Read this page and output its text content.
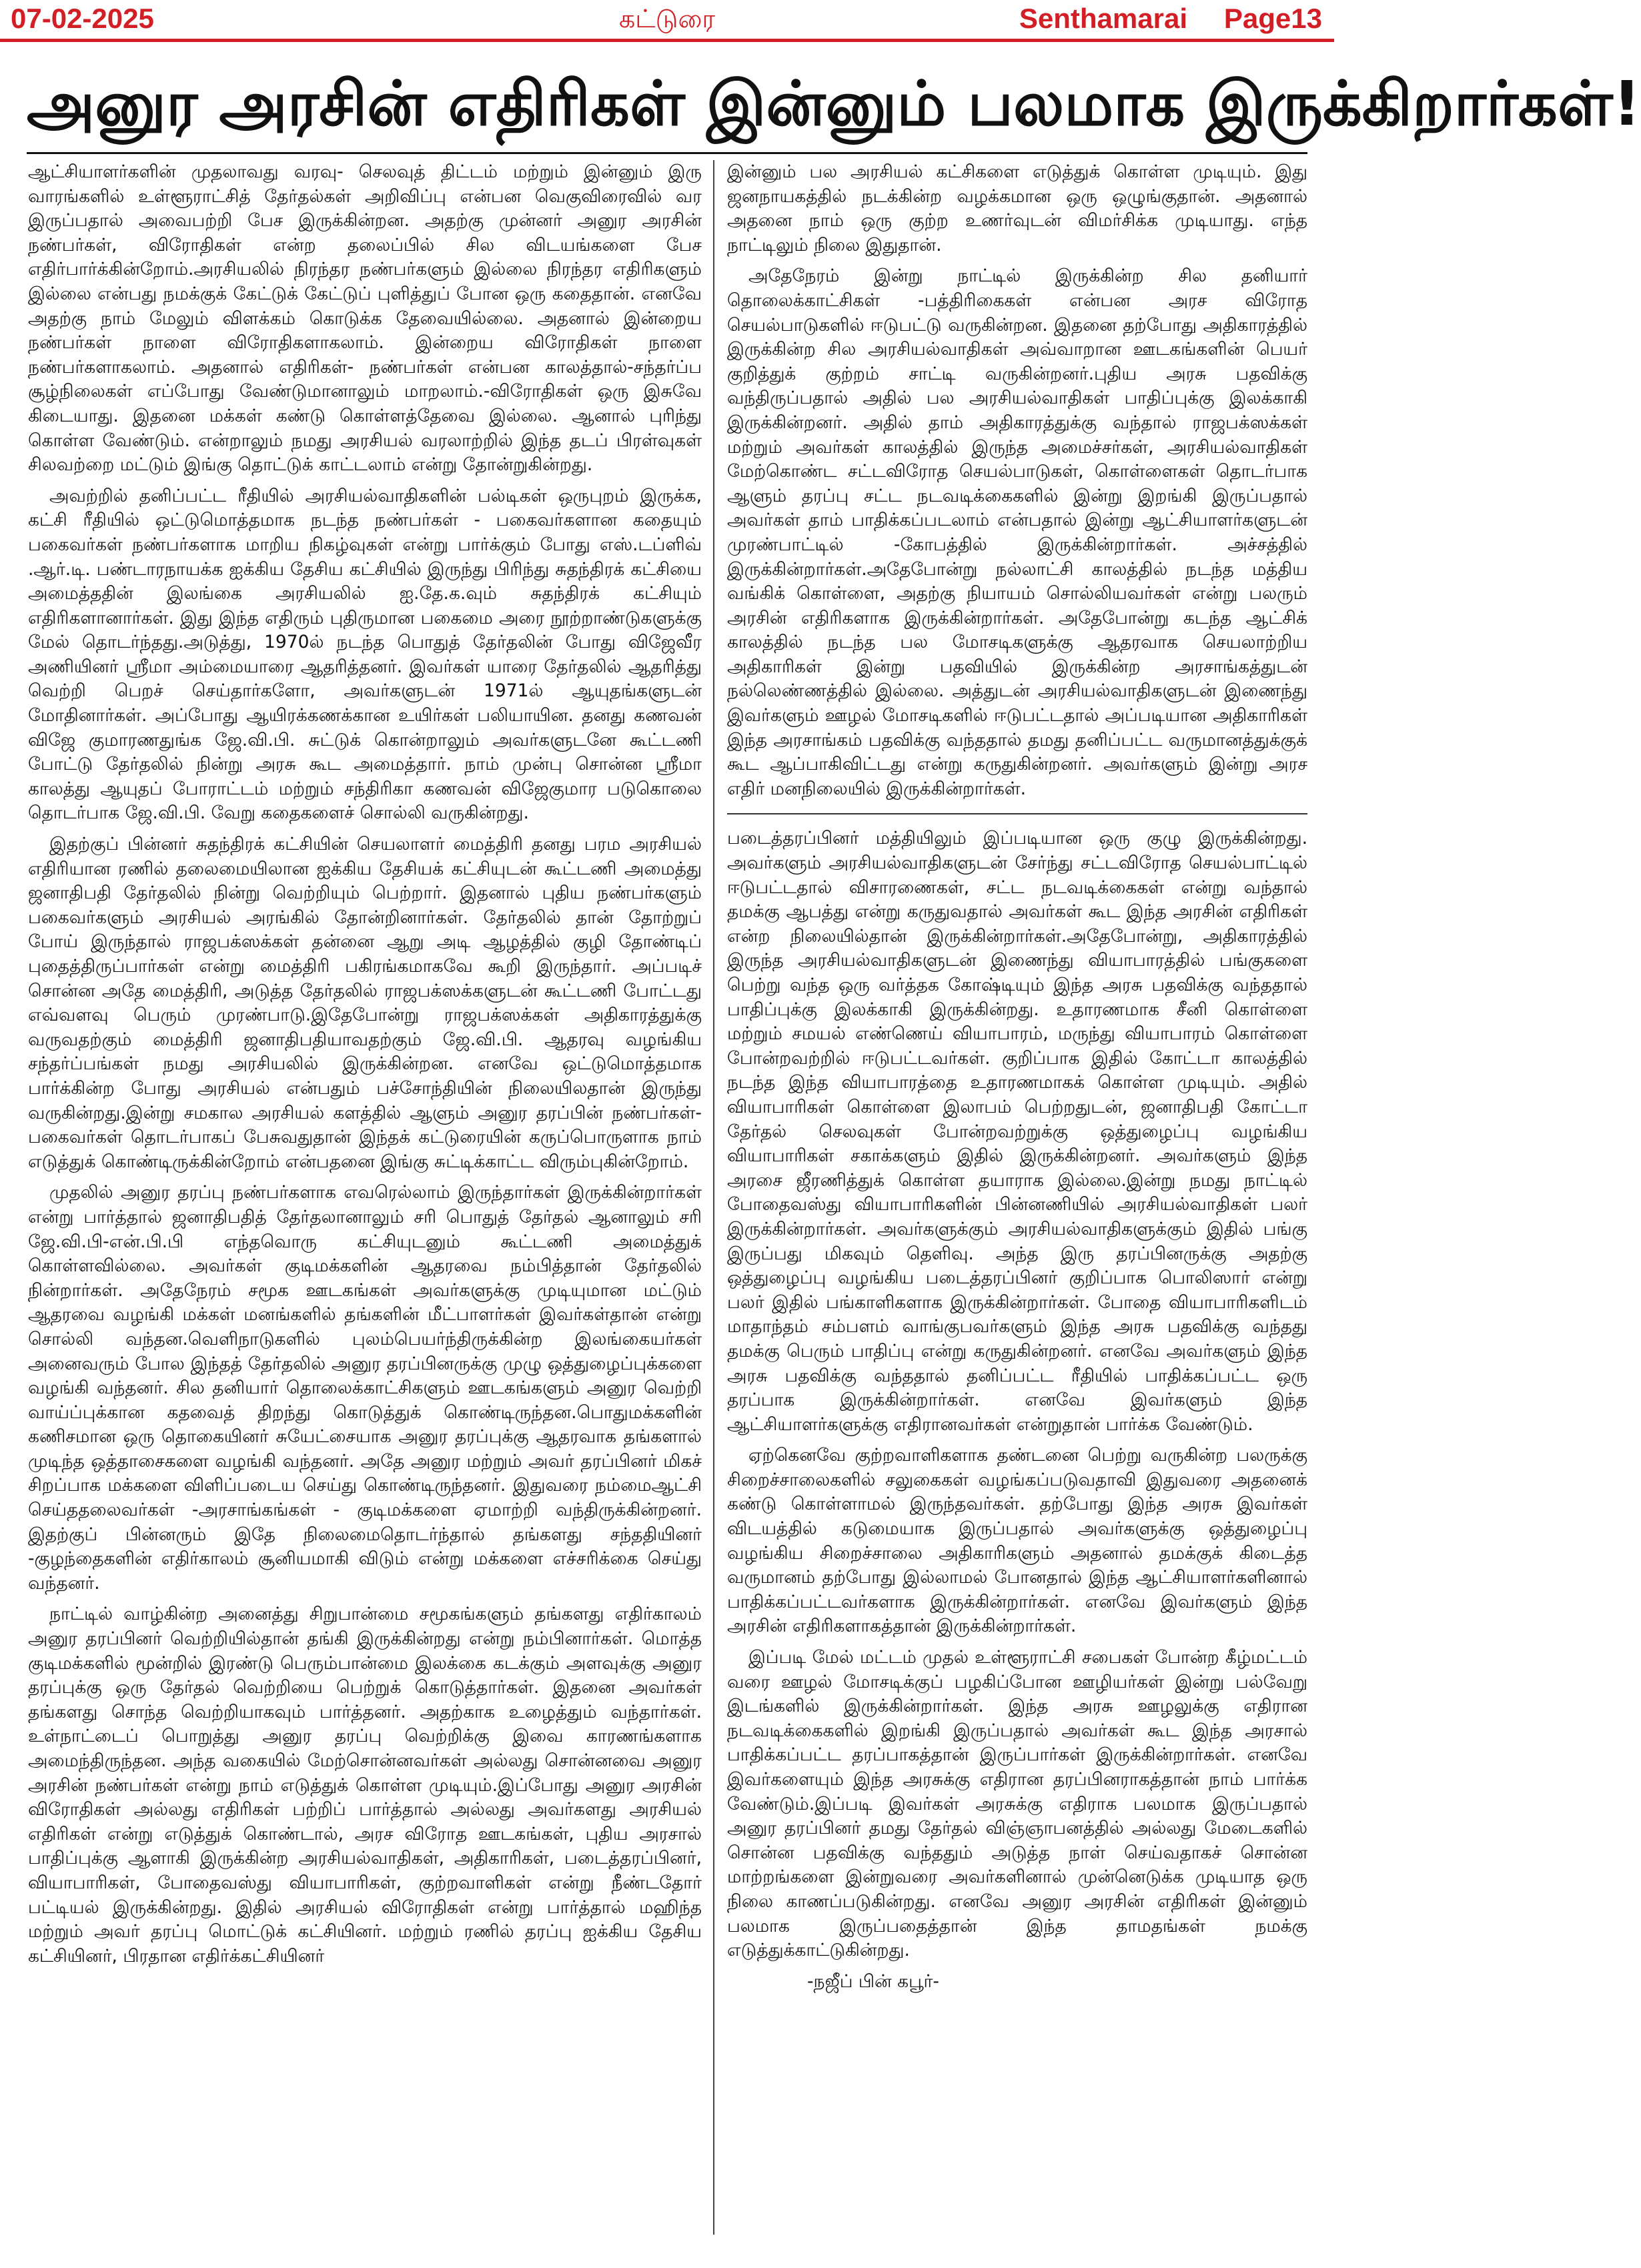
07-02-2025	கட்டுரை	Senthamarai Page13
அனுர அரசின் எதிரிகள் இன்னும் பலமாக இருக்கிறார்கள்!

ஆட்சியாளர்களின் முதலாவது வரவு- செலவுத் திட்டம் மற்றும் இன்னும் இரு வாரங்களில் உள்ளூராட்சித் தேர்தல்கள் அறிவிப்பு என்பன வெகுவிரைவில் வர இருப்பதால் அவைபற்றி பேச இருக்கின்றன. அதற்கு முன்னர் அனுர அரசின் நண்பர்கள், விரோதிகள் என்ற தலைப்பில் சில விடயங்களை பேச எதிர்பார்க்கின்றோம்.அரசியலில் நிரந்தர நண்பர்களும் இல்லை நிரந்தர எதிரிகளும் இல்லை என்பது நமக்குக் கேட்டுக் கேட்டுப் புளித்துப் போன ஒரு கதைதான். எனவே அதற்கு நாம் மேலும் விளக்கம் கொடுக்க தேவையில்லை. அதனால் இன்றைய நண்பர்கள் நாளை விரோதிகளாகலாம். இன்றைய விரோதிகள் நாளை நண்பர்களாகலாம். அதனால் எதிரிகள்- நண்பர்கள் என்பன காலத்தால்-சந்தர்ப்ப சூழ்நிலைகள் எப்போது வேண்டுமானாலும் மாறலாம்.-விரோதிகள் ஒரு இசுவே கிடையாது. இதனை மக்கள் கண்டு கொள்ளத்தேவை இல்லை. ஆனால் புரிந்து கொள்ள வேண்டும். என்றாலும் நமது அரசியல் வரலாற்றில் இந்த தடப் பிரள்வுகள் சிலவற்றை மட்டும் இங்கு தொட்டுக் காட்டலாம் என்று தோன்றுகின்றது.

அவற்றில் தனிப்பட்ட ரீதியில் அரசியல்வாதிகளின் பல்டிகள் ஒருபுறம் இருக்க, கட்சி ரீதியில் ஒட்டுமொத்தமாக நடந்த நண்பர்கள் - பகைவர்களான கதையும் பகைவர்கள் நண்பர்களாக மாறிய நிகழ்வுகள் என்று பார்க்கும் போது எஸ்.டப்ளிவ் .ஆர்.டி. பண்டாரநாயக்க ஐக்கிய தேசிய கட்சியில் இருந்து பிரிந்து சுதந்திரக் கட்சியை அமைத்ததின் இலங்கை அரசியலில் ஐ.தே.க.வும் சுதந்திரக் கட்சியும் எதிரிகளானார்கள். இது இந்த எதிரும் புதிருமான பகைமை அரை நூற்றாண்டுகளுக்கு மேல் தொடர்ந்தது.அடுத்து, 1970ல் நடந்த பொதுத் தேர்தலின் போது விஜேவீர அணியினர் ஸ்ரீமா அம்மையாரை ஆதரித்தனர். இவர்கள் யாரை தேர்தலில் ஆதரித்து வெற்றி பெறச் செய்தார்களோ, அவர்களுடன் 1971ல் ஆயுதங்களுடன் மோதினார்கள். அப்போது ஆயிரக்கணக்கான உயிர்கள் பலியாயின. தனது கணவன் விஜே குமாரணதுங்க ஜே.வி.பி. சுட்டுக் கொன்றாலும் அவர்களுடனே கூட்டணி போட்டு தேர்தலில் நின்று அரசு கூட அமைத்தார். நாம் முன்பு சொன்ன ஸ்ரீமா காலத்து ஆயுதப் போராட்டம் மற்றும் சந்திரிகா கணவன் விஜேகுமார படுகொலை தொடர்பாக ஜே.வி.பி. வேறு கதைகளைச் சொல்லி வருகின்றது.

இதற்குப் பின்னர் சுதந்திரக் கட்சியின் செயலாளர் மைத்திரி தனது பரம அரசியல் எதிரியான ரணில் தலைமையிலான ஐக்கிய தேசியக் கட்சியுடன் கூட்டணி அமைத்து ஜனாதிபதி தேர்தலில் நின்று வெற்றியும் பெற்றார். இதனால் புதிய நண்பர்களும் பகைவர்களும் அரசியல் அரங்கில் தோன்றினார்கள். தேர்தலில் தான் தோற்றுப் போய் இருந்தால் ராஜபக்ஸக்கள் தன்னை ஆறு அடி ஆழத்தில் குழி தோண்டிப் புதைத்திருப்பார்கள் என்று மைத்திரி பகிரங்கமாகவே கூறி இருந்தார். அப்படிச் சொன்ன அதே மைத்திரி, அடுத்த தேர்தலில் ராஜபக்ஸக்களுடன் கூட்டணி போட்டது எவ்வளவு பெரும் முரண்பாடு.இதேபோன்று ராஜபக்ஸக்கள் அதிகாரத்துக்கு வருவதற்கும் மைத்திரி ஜனாதிபதியாவதற்கும் ஜே.வி.பி. ஆதரவு வழங்கிய சந்தர்ப்பங்கள் நமது அரசியலில் இருக்கின்றன. எனவே ஒட்டுமொத்தமாக பார்க்கின்ற போது அரசியல் என்பதும் பச்சோந்தியின் நிலையிலதான் இருந்து வருகின்றது.இன்று சமகால அரசியல் களத்தில் ஆளும் அனுர தரப்பின் நண்பர்கள்-பகைவர்கள் தொடர்பாகப் பேசுவதுதான் இந்தக் கட்டுரையின் கருப்பொருளாக நாம் எடுத்துக் கொண்டிருக்கின்றோம் என்பதனை இங்கு சுட்டிக்காட்ட விரும்புகின்றோம்.

முதலில் அனுர தரப்பு நண்பர்களாக எவரெல்லாம் இருந்தார்கள் இருக்கின்றார்கள் என்று பார்த்தால் ஜனாதிபதித் தேர்தலானாலும் சரி பொதுத் தேர்தல் ஆனாலும் சரி ஜே.வி.பி-என்.பி.பி எந்தவொரு கட்சியுடனும் கூட்டணி அமைத்துக் கொள்ளவில்லை. அவர்கள் குடிமக்களின் ஆதரவை நம்பித்தான் தேர்தலில் நின்றார்கள். அதேநேரம் சமூக ஊடகங்கள் அவர்களுக்கு முடியுமான மட்டும் ஆதரவை வழங்கி மக்கள் மனங்களில் தங்களின் மீட்பாளர்கள் இவர்கள்தான் என்று சொல்லி வந்தன.வெளிநாடுகளில் புலம்பெயர்ந்திருக்கின்ற இலங்கையர்கள் அனைவரும் போல இந்தத் தேர்தலில் அனுர தரப்பினருக்கு முழு ஒத்துழைப்புக்களை வழங்கி வந்தனர். சில தனியார் தொலைக்காட்சிகளும் ஊடகங்களும் அனுர வெற்றி வாய்ப்புக்கான கதவைத் திறந்து கொடுத்துக் கொண்டிருந்தன.பொதுமக்களின் கணிசமான ஒரு தொகையினர் சுயேட்சையாக அனுர தரப்புக்கு ஆதரவாக தங்களால் முடிந்த ஒத்தாசைகளை வழங்கி வந்தனர். அதே அனுர மற்றும் அவர் தரப்பினர் மிகச் சிறப்பாக மக்களை விளிப்படைய செய்து கொண்டிருந்தனர். இதுவரை நம்மைஆட்சி செய்ததலைவர்கள் -அரசாங்கங்கள் - குடிமக்களை ஏமாற்றி வந்திருக்கின்றனர். இதற்குப் பின்னரும் இதே நிலைமைதொடர்ந்தால் தங்களது சந்ததியினர் -குழந்தைகளின் எதிர்காலம் சூனியமாகி விடும் என்று மக்களை எச்சரிக்கை செய்து வந்தனர்.

நாட்டில் வாழ்கின்ற அனைத்து சிறுபான்மை சமூகங்களும் தங்களது எதிர்காலம் அனுர தரப்பினர் வெற்றியில்தான் தங்கி இருக்கின்றது என்று நம்பினார்கள். மொத்த குடிமக்களில் மூன்றில் இரண்டு பெரும்பான்மை இலக்கை கடக்கும் அளவுக்கு அனுர தரப்புக்கு ஒரு தேர்தல் வெற்றியை பெற்றுக் கொடுத்தார்கள். இதனை அவர்கள் தங்களது சொந்த வெற்றியாகவும் பார்த்தனர். அதற்காக உழைத்தும் வந்தார்கள். உள்நாட்டைப் பொறுத்து அனுர தரப்பு வெற்றிக்கு இவை காரணங்களாக அமைந்திருந்தன. அந்த வகையில் மேற்சொன்னவர்கள் அல்லது சொன்னவை அனுர அரசின் நண்பர்கள் என்று நாம் எடுத்துக் கொள்ள முடியும்.இப்போது அனுர அரசின் விரோதிகள் அல்லது எதிரிகள் பற்றிப் பார்த்தால் அல்லது அவர்களது அரசியல் எதிரிகள் என்று எடுத்துக் கொண்டால், அரச விரோத ஊடகங்கள், புதிய அரசால் பாதிப்புக்கு ஆளாகி இருக்கின்ற அரசியல்வாதிகள், அதிகாரிகள், படைத்தரப்பினர், வியாபாரிகள், போதைவஸ்து வியாபாரிகள், குற்றவாளிகள் என்று நீண்டதோர் பட்டியல் இருக்கின்றது. இதில் அரசியல் விரோதிகள் என்று பார்த்தால் மஹிந்த மற்றும் அவர் தரப்பு மொட்டுக் கட்சியினர். மற்றும் ரணில் தரப்பு ஐக்கிய தேசிய கட்சியினர், பிரதான எதிர்க்கட்சியினர்

இன்னும் பல அரசியல் கட்சிகளை எடுத்துக் கொள்ள முடியும். இது ஜனநாயகத்தில் நடக்கின்ற வழக்கமான ஒரு ஒழுங்குதான். அதனால் அதனை நாம் ஒரு குற்ற உணர்வுடன் விமர்சிக்க முடியாது. எந்த நாட்டிலும் நிலை இதுதான்.

அதேநேரம் இன்று நாட்டில் இருக்கின்ற சில தனியார் தொலைக்காட்சிகள் -பத்திரிகைகள் என்பன அரச விரோத செயல்பாடுகளில் ஈடுபட்டு வருகின்றன. இதனை தற்போது அதிகாரத்தில் இருக்கின்ற சில அரசியல்வாதிகள் அவ்வாறான ஊடகங்களின் பெயர் குறித்துக் குற்றம் சாட்டி வருகின்றனர்.புதிய அரசு பதவிக்கு வந்திருப்பதால் அதில் பல அரசியல்வாதிகள் பாதிப்புக்கு இலக்காகி இருக்கின்றனர். அதில் தாம் அதிகாரத்துக்கு வந்தால் ராஜபக்ஸக்கள் மற்றும் அவர்கள் காலத்தில் இருந்த அமைச்சர்கள், அரசியல்வாதிகள் மேற்கொண்ட சட்டவிரோத செயல்பாடுகள், கொள்ளைகள் தொடர்பாக ஆளும் தரப்பு சட்ட நடவடிக்கைகளில் இன்று இறங்கி இருப்பதால் அவர்கள் தாம் பாதிக்கப்படலாம் என்பதால் இன்று ஆட்சியாளர்களுடன் முரண்பாட்டில் -கோபத்தில் இருக்கின்றார்கள். அச்சத்தில் இருக்கின்றார்கள்.அதேபோன்று நல்லாட்சி காலத்தில் நடந்த மத்திய வங்கிக் கொள்ளை, அதற்கு நியாயம் சொல்லியவர்கள் என்று பலரும் அரசின் எதிரிகளாக இருக்கின்றார்கள். அதேபோன்று கடந்த ஆட்சிக் காலத்தில் நடந்த பல மோசடிகளுக்கு ஆதரவாக செயலாற்றிய அதிகாரிகள் இன்று பதவியில் இருக்கின்ற அரசாங்கத்துடன் நல்லெண்ணத்தில் இல்லை. அத்துடன் அரசியல்வாதிகளுடன் இணைந்து இவர்களும் ஊழல் மோசடிகளில் ஈடுபட்டதால் அப்படியான அதிகாரிகள் இந்த அரசாங்கம் பதவிக்கு வந்ததால் தமது தனிப்பட்ட வருமானத்துக்குக் கூட ஆப்பாகிவிட்டது என்று கருதுகின்றனர். அவர்களும் இன்று அரச எதிர் மனநிலையில் இருக்கின்றார்கள்.

படைத்தரப்பினர் மத்தியிலும் இப்படியான ஒரு குழு இருக்கின்றது. அவர்களும் அரசியல்வாதிகளுடன் சேர்ந்து சட்டவிரோத செயல்பாட்டில் ஈடுபட்டதால் விசாரணைகள், சட்ட நடவடிக்கைகள் என்று வந்தால் தமக்கு ஆபத்து என்று கருதுவதால் அவர்கள் கூட இந்த அரசின் எதிரிகள் என்ற நிலையில்தான் இருக்கின்றார்கள்.அதேபோன்று, அதிகாரத்தில் இருந்த அரசியல்வாதிகளுடன் இணைந்து வியாபாரத்தில் பங்குகளை பெற்று வந்த ஒரு வர்த்தக கோஷ்டியும் இந்த அரசு பதவிக்கு வந்ததால் பாதிப்புக்கு இலக்காகி இருக்கின்றது. உதாரணமாக சீனி கொள்ளை மற்றும் சமயல் எண்ணெய் வியாபாரம், மருந்து வியாபாரம் கொள்ளை போன்றவற்றில் ஈடுபட்டவர்கள். குறிப்பாக இதில் கோட்டா காலத்தில் நடந்த இந்த வியாபாரத்தை உதாரணமாகக் கொள்ள முடியும். அதில் வியாபாரிகள் கொள்ளை இலாபம் பெற்றதுடன், ஜனாதிபதி கோட்டா தேர்தல் செலவுகள் போன்றவற்றுக்கு ஒத்துழைப்பு வழங்கிய வியாபாரிகள் சகாக்களும் இதில் இருக்கின்றனர். அவர்களும் இந்த அரசை ஜீரணித்துக் கொள்ள தயாராக இல்லை.இன்று நமது நாட்டில் போதைவஸ்து வியாபாரிகளின் பின்னணியில் அரசியல்வாதிகள் பலர் இருக்கின்றார்கள். அவர்களுக்கும் அரசியல்வாதிகளுக்கும் இதில் பங்கு இருப்பது மிகவும் தெளிவு. அந்த இரு தரப்பினருக்கு அதற்கு ஒத்துழைப்பு வழங்கிய படைத்தரப்பினர் குறிப்பாக பொலிஸார் என்று பலர் இதில் பங்காளிகளாக இருக்கின்றார்கள். போதை வியாபாரிகளிடம் மாதாந்தம் சம்பளம் வாங்குபவர்களும் இந்த அரசு பதவிக்கு வந்தது தமக்கு பெரும் பாதிப்பு என்று கருதுகின்றனர். எனவே அவர்களும் இந்த அரசு பதவிக்கு வந்ததால் தனிப்பட்ட ரீதியில் பாதிக்கப்பட்ட ஒரு தரப்பாக இருக்கின்றார்கள். எனவே இவர்களும் இந்த ஆட்சியாளர்களுக்கு எதிரானவர்கள் என்றுதான் பார்க்க வேண்டும்.

ஏற்கெனவே குற்றவாளிகளாக தண்டனை பெற்று வருகின்ற பலருக்கு சிறைச்சாலைகளில் சலுகைகள் வழங்கப்படுவதாவி இதுவரை அதனைக் கண்டு கொள்ளாமல் இருந்தவர்கள். தற்போது இந்த அரசு இவர்கள் விடயத்தில் கடுமையாக இருப்பதால் அவர்களுக்கு ஒத்துழைப்பு வழங்கிய சிறைச்சாலை அதிகாரிகளும் அதனால் தமக்குக் கிடைத்த வருமானம் தற்போது இல்லாமல் போனதால் இந்த ஆட்சியாளர்களினால் பாதிக்கப்பட்டவர்களாக இருக்கின்றார்கள். எனவே இவர்களும் இந்த அரசின் எதிரிகளாகத்தான் இருக்கின்றார்கள்.

இப்படி மேல் மட்டம் முதல் உள்ளூராட்சி சபைகள் போன்ற கீழ்மட்டம் வரை ஊழல் மோசடிக்குப் பழகிப்போன ஊழியர்கள் இன்று பல்வேறு இடங்களில் இருக்கின்றார்கள். இந்த அரசு ஊழலுக்கு எதிரான நடவடிக்கைகளில் இறங்கி இருப்பதால் அவர்கள் கூட இந்த அரசால் பாதிக்கப்பட்ட தரப்பாகத்தான் இருப்பார்கள் இருக்கின்றார்கள். எனவே இவர்களையும் இந்த அரசுக்கு எதிரான தரப்பினராகத்தான் நாம் பார்க்க வேண்டும்.இப்படி இவர்கள் அரசுக்கு எதிராக பலமாக இருப்பதால் அனுர தரப்பினர் தமது தேர்தல் விஞ்ஞாபனத்தில் அல்லது மேடைகளில் சொன்ன பதவிக்கு வந்ததும் அடுத்த நாள் செய்வதாகச் சொன்ன மாற்றங்களை இன்றுவரை அவர்களினால் முன்னெடுக்க முடியாத ஒரு நிலை காணப்படுகின்றது. எனவே அனுர அரசின் எதிரிகள் இன்னும் பலமாக இருப்பதைத்தான் இந்த தாமதங்கள் நமக்கு எடுத்துக்காட்டுகின்றது.

-நஜீப் பின் கபூர்-
